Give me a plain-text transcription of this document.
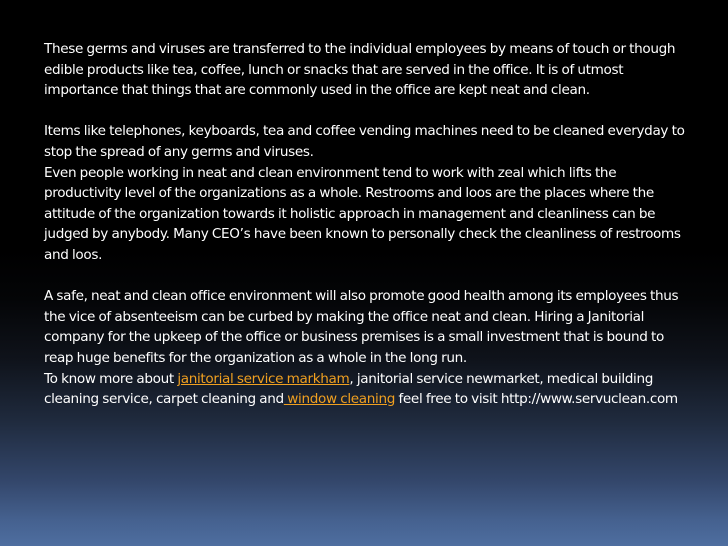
These germs and viruses are transferred to the individual employees by means of touch or though edible products like tea, coffee, lunch or snacks that are served in the office. It is of utmost importance that things that are commonly used in the office are kept neat and clean.

Items like telephones, keyboards, tea and coffee vending machines need to be cleaned everyday to stop the spread of any germs and viruses.

Even people working in neat and clean environment tend to work with zeal which lifts the productivity level of the organizations as a whole. Restrooms and loos are the places where the attitude of the organization towards it holistic approach in management and cleanliness can be judged by anybody. Many CEO’s have been known to personally check the cleanliness of restrooms and loos.

A safe, neat and clean office environment will also promote good health among its employees thus the vice of absenteeism can be curbed by making the office neat and clean. Hiring a Janitorial company for the upkeep of the office or business premises is a small investment that is bound to reap huge benefits for the organization as a whole in the long run.

To know more about janitorial service markham, janitorial service newmarket, medical building cleaning service, carpet cleaning and window cleaning feel free to visit http://www.servuclean.com
